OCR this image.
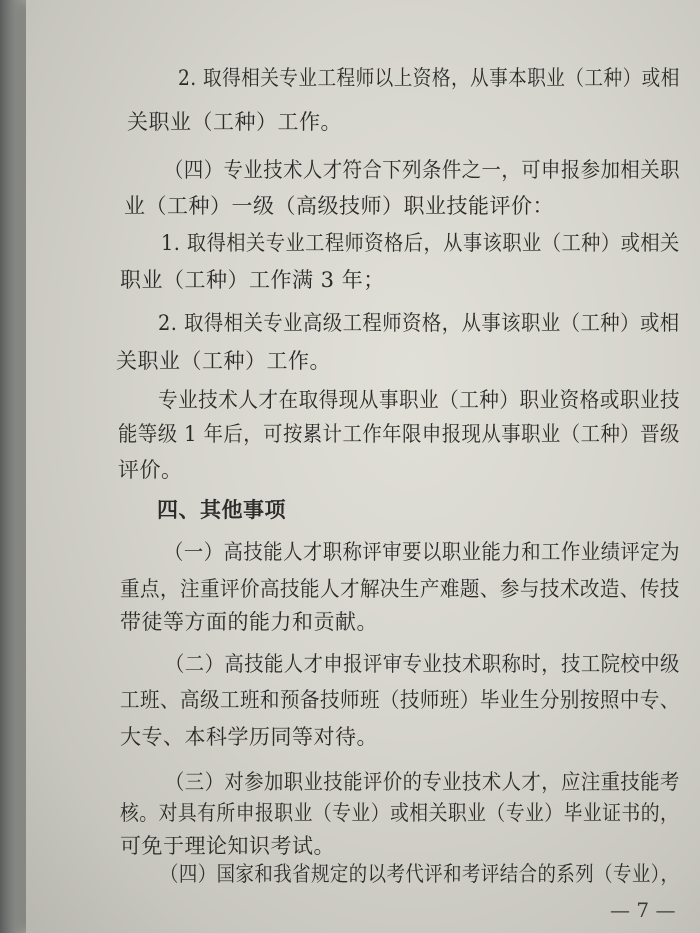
2. 取得相关专业工程师以上资格，从事本职业（工种）或相
关职业（工种）工作。
（四）专业技术人才符合下列条件之一，可申报参加相关职
业（工种）一级（高级技师）职业技能评价：
1. 取得相关专业工程师资格后，从事该职业（工种）或相关
职业（工种）工作满 3 年；
2. 取得相关专业高级工程师资格，从事该职业（工种）或相
关职业（工种）工作。
专业技术人才在取得现从事职业（工种）职业资格或职业技
能等级 1 年后，可按累计工作年限申报现从事职业（工种）晋级
评价。
四、其他事项
（一）高技能人才职称评审要以职业能力和工作业绩评定为
重点，注重评价高技能人才解决生产难题、参与技术改造、传技
带徒等方面的能力和贡献。
（二）高技能人才申报评审专业技术职称时，技工院校中级
工班、高级工班和预备技师班（技师班）毕业生分别按照中专、
大专、本科学历同等对待。
（三）对参加职业技能评价的专业技术人才，应注重技能考
核。对具有所申报职业（专业）或相关职业（专业）毕业证书的，
可免于理论知识考试。
（四）国家和我省规定的以考代评和考评结合的系列（专业），
— 7 —
